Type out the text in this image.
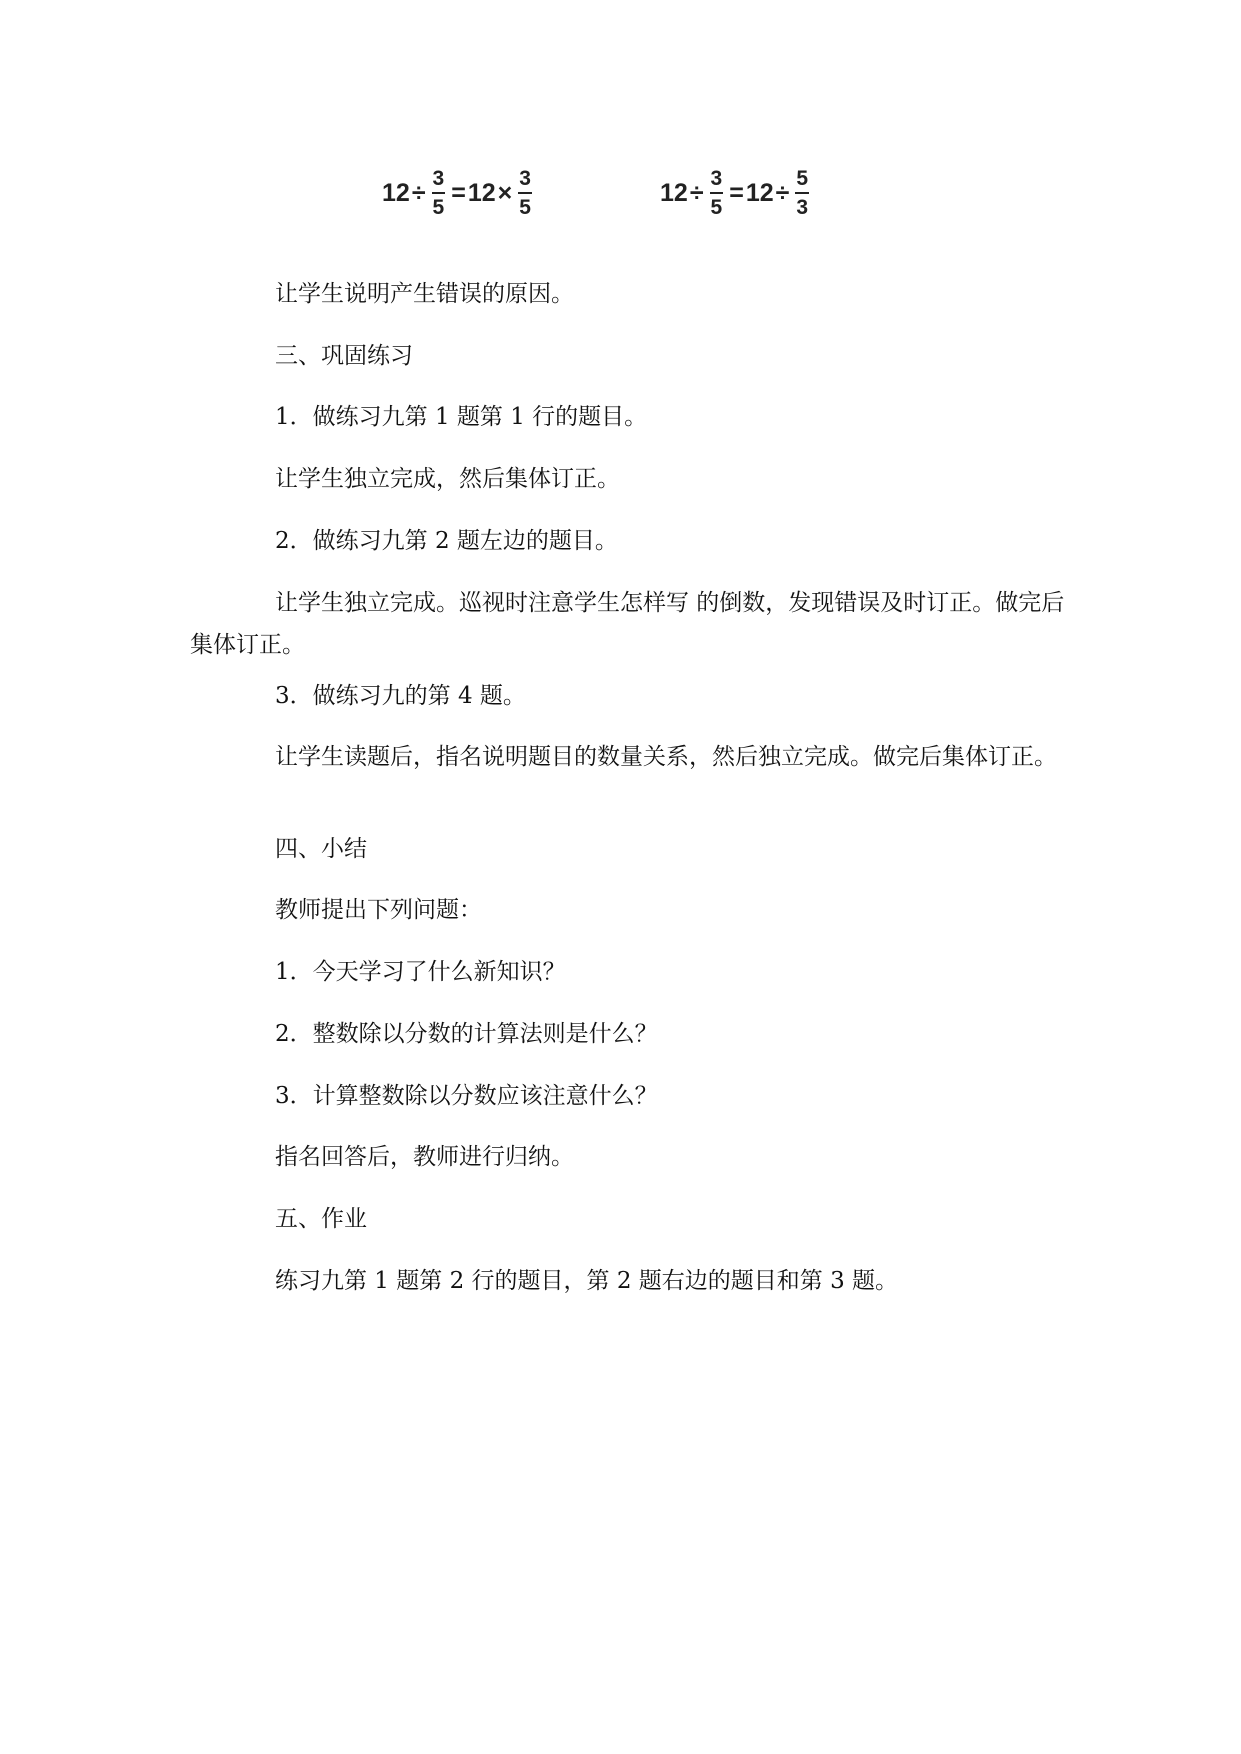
$12 \div \frac{3}{5} = 12 \times \frac{3}{5}$	$12 \div \frac{3}{5} = 12 \div \frac{5}{3}$

让学生说明产生错误的原因。

三、巩固练习

1．做练习九第 1 题第 1 行的题目。

让学生独立完成，然后集体订正。

2．做练习九第 2 题左边的题目。

让学生独立完成。巡视时注意学生怎样写 的倒数，发现错误及时订正。做完后集体订正。

3．做练习九的第 4 题。

让学生读题后，指名说明题目的数量关系，然后独立完成。做完后集体订正。

四、小结

教师提出下列问题：

1．今天学习了什么新知识？

2．整数除以分数的计算法则是什么？

3．计算整数除以分数应该注意什么？

指名回答后，教师进行归纳。

五、作业

练习九第 1 题第 2 行的题目，第 2 题右边的题目和第 3 题。
